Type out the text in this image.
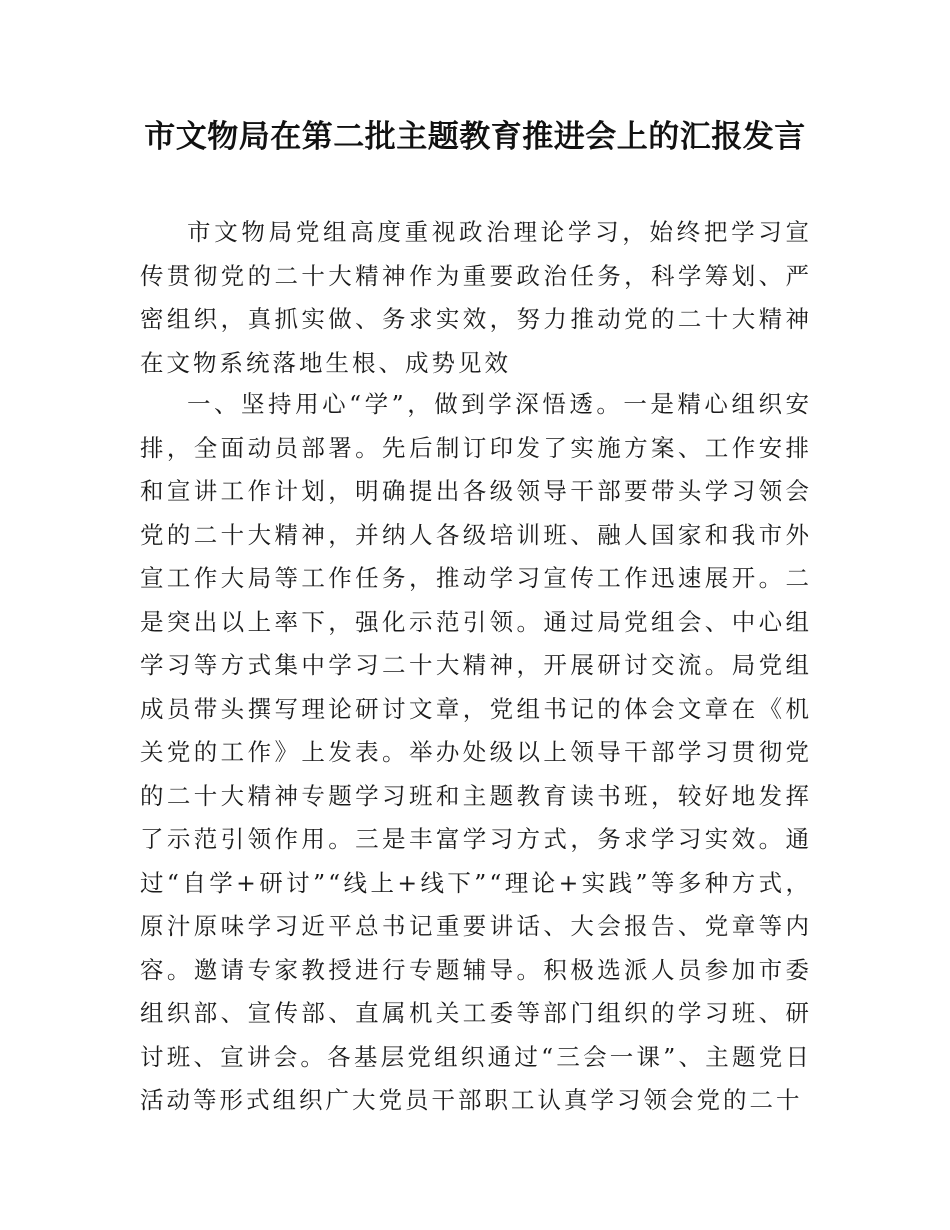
市文物局在第二批主题教育推进会上的汇报发言

市文物局党组高度重视政治理论学习，始终把学习宣传贯彻党的二十大精神作为重要政治任务，科学筹划、严密组织，真抓实做、务求实效，努力推动党的二十大精神在文物系统落地生根、成势见效

一、坚持用心“学”，做到学深悟透。一是精心组织安排，全面动员部署。先后制订印发了实施方案、工作安排和宣讲工作计划，明确提出各级领导干部要带头学习领会党的二十大精神，并纳人各级培训班、融人国家和我市外宣工作大局等工作任务，推动学习宣传工作迅速展开。二是突出以上率下，强化示范引领。通过局党组会、中心组学习等方式集中学习二十大精神，开展研讨交流。局党组成员带头撰写理论研讨文章，党组书记的体会文章在《机关党的工作》上发表。举办处级以上领导干部学习贯彻党的二十大精神专题学习班和主题教育读书班，较好地发挥了示范引领作用。三是丰富学习方式，务求学习实效。通过“自学+研讨”“线上+线下”“理论+实践”等多种方式，原汁原味学习近平总书记重要讲话、大会报告、党章等内容。邀请专家教授进行专题辅导。积极选派人员参加市委组织部、宣传部、直属机关工委等部门组织的学习班、研讨班、宣讲会。各基层党组织通过“三会一课”、主题党日活动等形式组织广大党员干部职工认真学习领会党的二十
